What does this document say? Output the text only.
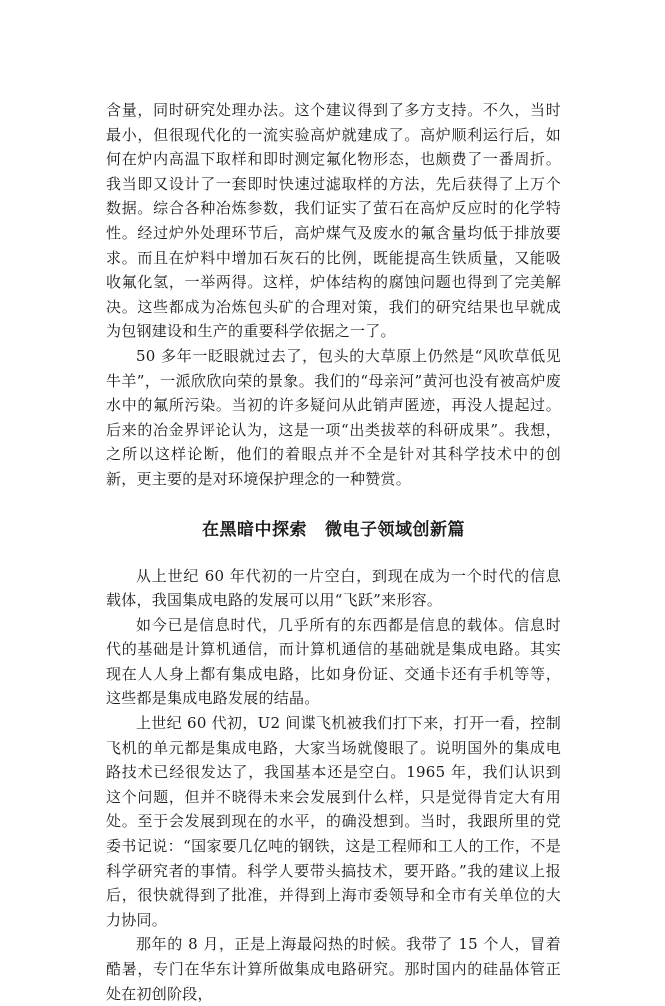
含量，同时研究处理办法。这个建议得到了多方支持。不久，当时最小，但很现代化的一流实验高炉就建成了。高炉顺利运行后，如何在炉内高温下取样和即时测定氟化物形态，也颇费了一番周折。我当即又设计了一套即时快速过滤取样的方法，先后获得了上万个数据。综合各种冶炼参数，我们证实了萤石在高炉反应时的化学特性。经过炉外处理环节后，高炉煤气及废水的氟含量均低于排放要求。而且在炉料中增加石灰石的比例，既能提高生铁质量，又能吸收氟化氢，一举两得。这样，炉体结构的腐蚀问题也得到了完美解决。这些都成为冶炼包头矿的合理对策，我们的研究结果也早就成为包钢建设和生产的重要科学依据之一了。

50 多年一眨眼就过去了，包头的大草原上仍然是“风吹草低见牛羊”，一派欣欣向荣的景象。我们的“母亲河”黄河也没有被高炉废水中的氟所污染。当初的许多疑问从此销声匿迹，再没人提起过。后来的冶金界评论认为，这是一项“出类拔萃的科研成果”。我想，之所以这样论断，他们的着眼点并不全是针对其科学技术中的创新，更主要的是对环境保护理念的一种赞赏。

在黑暗中探索 微电子领域创新篇

从上世纪 60 年代初的一片空白，到现在成为一个时代的信息载体，我国集成电路的发展可以用“飞跃”来形容。

如今已是信息时代，几乎所有的东西都是信息的载体。信息时代的基础是计算机通信，而计算机通信的基础就是集成电路。其实现在人人身上都有集成电路，比如身份证、交通卡还有手机等等，这些都是集成电路发展的结晶。

上世纪 60 代初，U2 间谍飞机被我们打下来，打开一看，控制飞机的单元都是集成电路，大家当场就傻眼了。说明国外的集成电路技术已经很发达了，我国基本还是空白。1965 年，我们认识到这个问题，但并不晓得未来会发展到什么样，只是觉得肯定大有用处。至于会发展到现在的水平，的确没想到。当时，我跟所里的党委书记说：“国家要几亿吨的钢铁，这是工程师和工人的工作，不是科学研究者的事情。科学人要带头搞技术，要开路。”我的建议上报后，很快就得到了批准，并得到上海市委领导和全市有关单位的大力协同。

那年的 8 月，正是上海最闷热的时候。我带了 15 个人，冒着酷暑，专门在华东计算所做集成电路研究。那时国内的硅晶体管正处在初创阶段，
